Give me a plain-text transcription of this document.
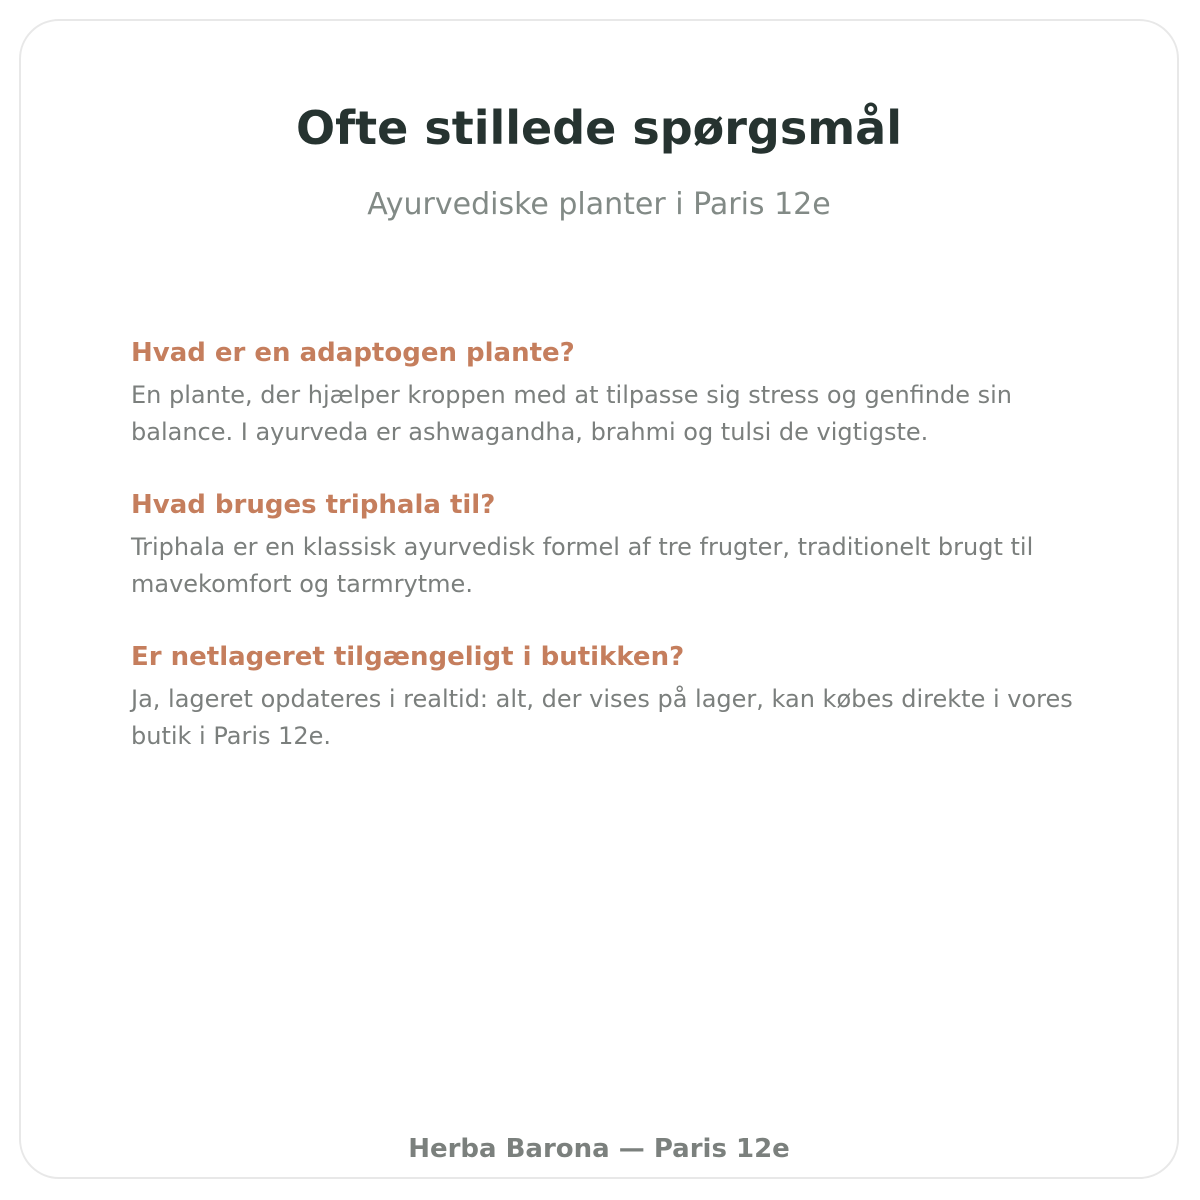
Ofte stillede spørgsmål
Ayurvediske planter i Paris 12e
Hvad er en adaptogen plante?

En plante, der hjælper kroppen med at tilpasse sig stress og genfinde sin balance. I ayurveda er ashwagandha, brahmi og tulsi de vigtigste.

Hvad bruges triphala til?

Triphala er en klassisk ayurvedisk formel af tre frugter, traditionelt brugt til mavekomfort og tarmrytme.

Er netlageret tilgængeligt i butikken?

Ja, lageret opdateres i realtid: alt, der vises på lager, kan købes direkte i vores butik i Paris 12e.

Herba Barona — Paris 12e
